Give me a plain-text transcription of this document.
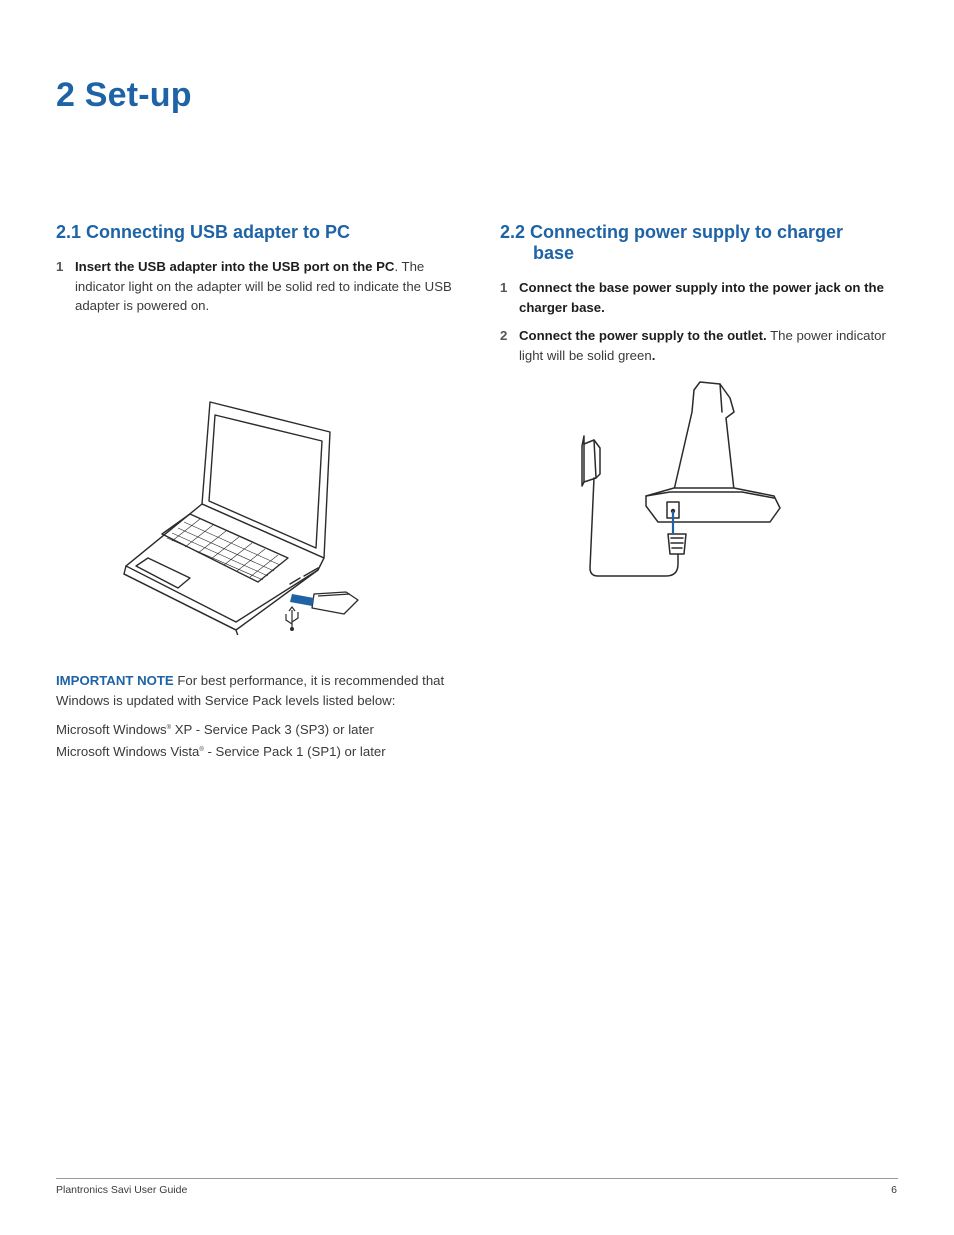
2 Set-up
2.1 Connecting USB adapter to PC

1 Insert the USB adapter into the USB port on the PC. The indicator light on the adapter will be solid red to indicate the USB adapter is powered on.

2.2 Connecting power supply to charger
base

1 Connect the base power supply into the power jack on the charger base.

2 Connect the power supply to the outlet. The power indicator light will be solid green.

IMPORTANT NOTE For best performance, it is recommended that Windows is updated with Service Pack levels listed below:
Microsoft Windows® XP - Service Pack 3 (SP3) or later
Microsoft Windows Vista® - Service Pack 1 (SP1) or later
Plantronics Savi User Guide	6
